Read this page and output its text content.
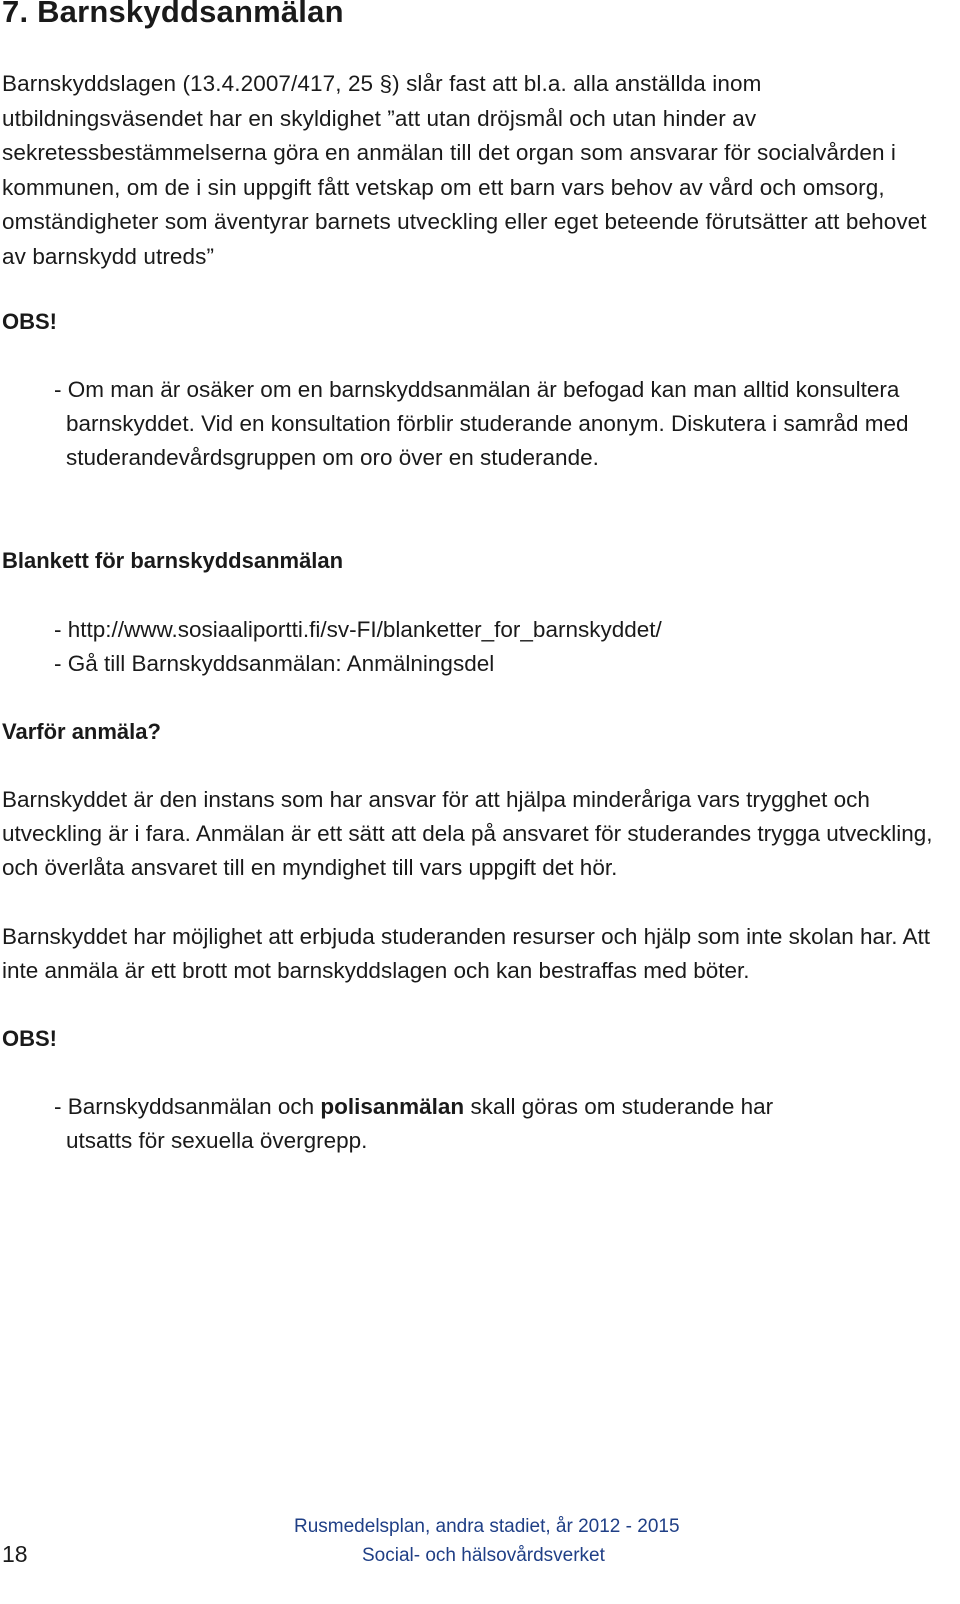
7. Barnskyddsanmälan

Barnskyddslagen (13.4.2007/417, 25 §) slår fast att bl.a. alla anställda inom utbildningsväsendet har en skyldighet ”att utan dröjsmål och utan hinder av sekretessbestämmelserna göra en anmälan till det organ som ansvarar för socialvården i kommunen, om de i sin uppgift fått vetskap om ett barn vars behov av vård och omsorg, omständigheter som äventyrar barnets utveckling eller eget beteende förutsätter att behovet av barnskydd utreds”

OBS!

- Om man är osäker om en barnskyddsanmälan är befogad kan man alltid konsultera barnskyddet. Vid en konsultation förblir studerande anonym. Diskutera i samråd med studerandevårdsgruppen om oro över en studerande.

Blankett för barnskyddsanmälan

- http://www.sosiaaliportti.fi/sv-FI/blanketter_for_barnskyddet/

- Gå till Barnskyddsanmälan: Anmälningsdel

Varför anmäla?

Barnskyddet är den instans som har ansvar för att hjälpa minderåriga vars trygghet och utveckling är i fara. Anmälan är ett sätt att dela på ansvaret för studerandes trygga utveckling, och överlåta ansvaret till en myndighet till vars uppgift det hör.

Barnskyddet har möjlighet att erbjuda studeranden resurser och hjälp som inte skolan har. Att inte anmäla är ett brott mot barnskyddslagen och kan bestraffas med böter.

OBS!

- Barnskyddsanmälan och polisanmälan skall göras om studerande har utsatts för sexuella övergrepp.

18

Rusmedelsplan, andra stadiet, år 2012 - 2015

Social- och hälsovårdsverket
